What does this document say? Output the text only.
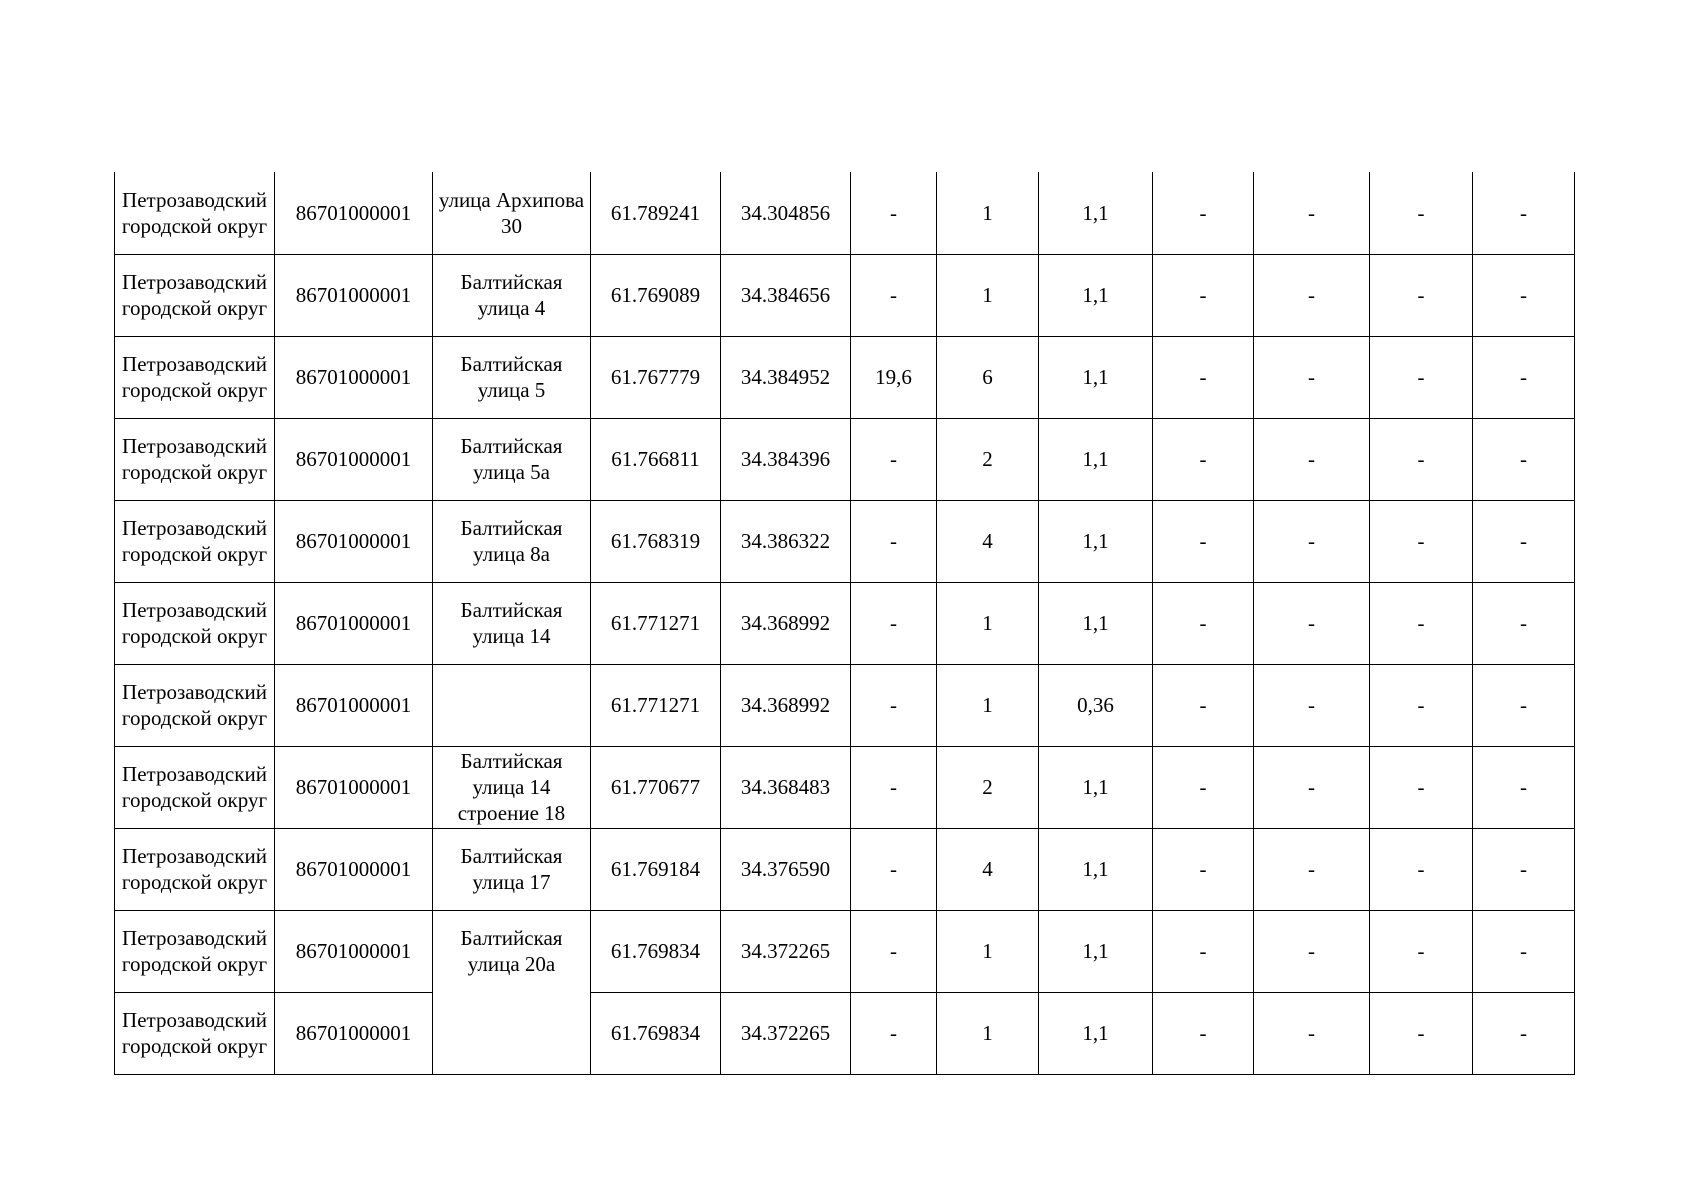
Петрозаводский городской округ	86701000001	улица Архипова 30	61.789241	34.304856	-	1	1,1	-	-	-	-
Петрозаводский городской округ	86701000001	Балтийская улица 4	61.769089	34.384656	-	1	1,1	-	-	-	-
Петрозаводский городской округ	86701000001	Балтийская улица 5	61.767779	34.384952	19,6	6	1,1	-	-	-	-
Петрозаводский городской округ	86701000001	Балтийская улица 5а	61.766811	34.384396	-	2	1,1	-	-	-	-
Петрозаводский городской округ	86701000001	Балтийская улица 8а	61.768319	34.386322	-	4	1,1	-	-	-	-
Петрозаводский городской округ	86701000001	Балтийская улица 14	61.771271	34.368992	-	1	1,1	-	-	-	-
Петрозаводский городской округ	86701000001		61.771271	34.368992	-	1	0,36	-	-	-	-
Петрозаводский городской округ	86701000001	Балтийская улица 14 строение 18	61.770677	34.368483	-	2	1,1	-	-	-	-
Петрозаводский городской округ	86701000001	Балтийская улица 17	61.769184	34.376590	-	4	1,1	-	-	-	-
Петрозаводский городской округ	86701000001	Балтийская улица 20а	61.769834	34.372265	-	1	1,1	-	-	-	-
Петрозаводский городской округ	86701000001		61.769834	34.372265	-	1	1,1	-	-	-	-
